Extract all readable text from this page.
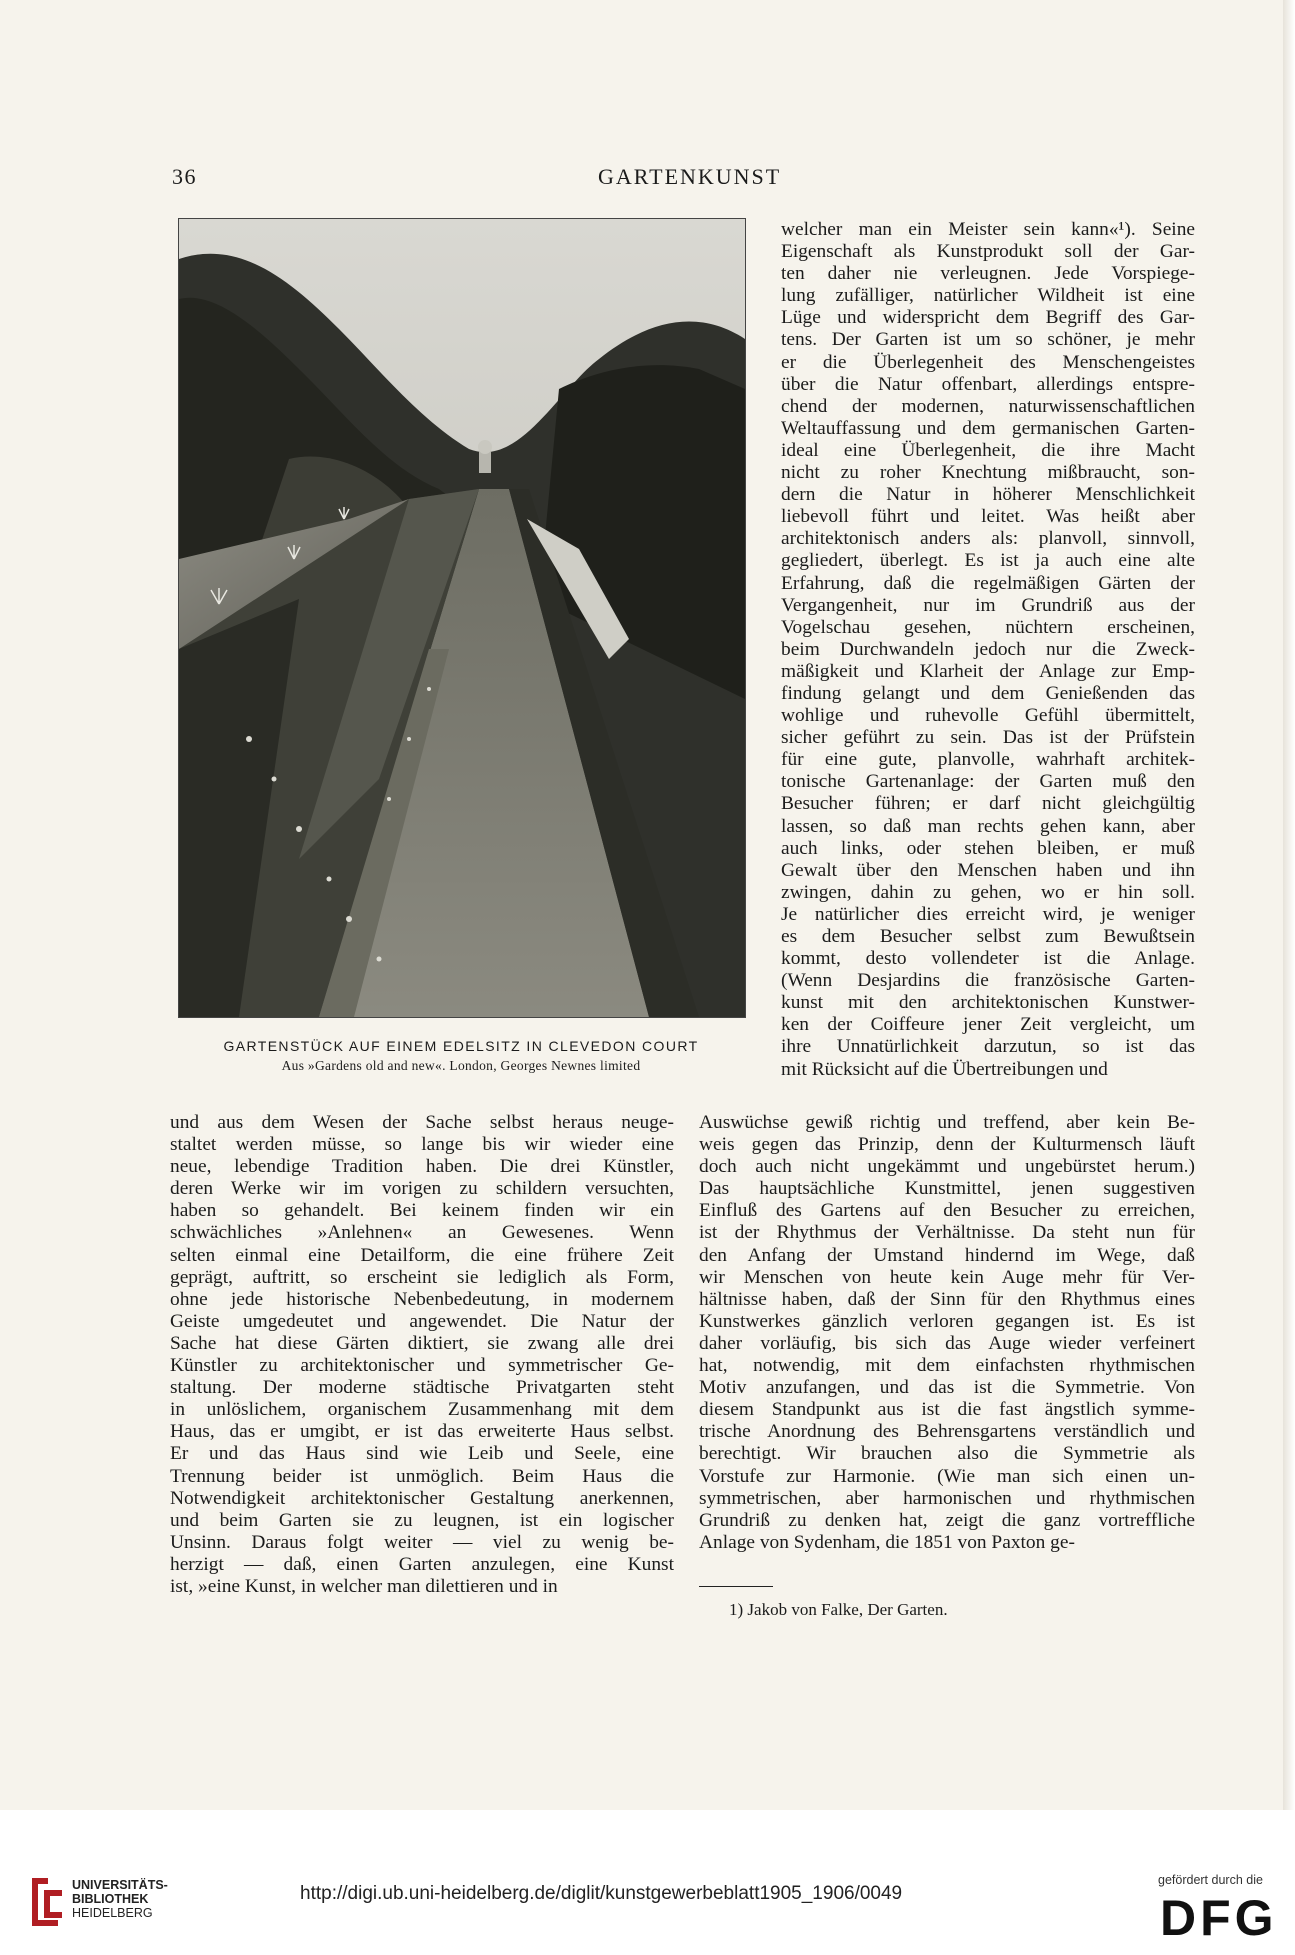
36	GARTENKUNST
GARTENSTÜCK AUF EINEM EDELSITZ IN CLEVEDON COURT
Aus »Gardens old and new«. London, Georges Newnes limited

welcher man ein Meister sein kann«¹). Seine

Eigenschaft als Kunstprodukt soll der Gar-

ten daher nie verleugnen. Jede Vorspiege-

lung zufälliger, natürlicher Wildheit ist eine

Lüge und widerspricht dem Begriff des Gar-

tens. Der Garten ist um so schöner, je mehr

er die Überlegenheit des Menschengeistes

über die Natur offenbart, allerdings entspre-

chend der modernen, naturwissenschaftlichen

Weltauffassung und dem germanischen Garten-

ideal eine Überlegenheit, die ihre Macht

nicht zu roher Knechtung mißbraucht, son-

dern die Natur in höherer Menschlichkeit

liebevoll führt und leitet. Was heißt aber

architektonisch anders als: planvoll, sinnvoll,

gegliedert, überlegt. Es ist ja auch eine alte

Erfahrung, daß die regelmäßigen Gärten der

Vergangenheit, nur im Grundriß aus der

Vogelschau gesehen, nüchtern erscheinen,

beim Durchwandeln jedoch nur die Zweck-

mäßigkeit und Klarheit der Anlage zur Emp-

findung gelangt und dem Genießenden das

wohlige und ruhevolle Gefühl übermittelt,

sicher geführt zu sein. Das ist der Prüfstein

für eine gute, planvolle, wahrhaft architek-

tonische Gartenanlage: der Garten muß den

Besucher führen; er darf nicht gleichgültig

lassen, so daß man rechts gehen kann, aber

auch links, oder stehen bleiben, er muß

Gewalt über den Menschen haben und ihn

zwingen, dahin zu gehen, wo er hin soll.

Je natürlicher dies erreicht wird, je weniger

es dem Besucher selbst zum Bewußtsein

kommt, desto vollendeter ist die Anlage.

(Wenn Desjardins die französische Garten-

kunst mit den architektonischen Kunstwer-

ken der Coiffeure jener Zeit vergleicht, um

ihre Unnatürlichkeit darzutun, so ist das

mit Rücksicht auf die Übertreibungen und

und aus dem Wesen der Sache selbst heraus neuge-

staltet werden müsse, so lange bis wir wieder eine

neue, lebendige Tradition haben. Die drei Künstler,

deren Werke wir im vorigen zu schildern versuchten,

haben so gehandelt. Bei keinem finden wir ein

schwächliches »Anlehnen« an Gewesenes. Wenn

selten einmal eine Detailform, die eine frühere Zeit

geprägt, auftritt, so erscheint sie lediglich als Form,

ohne jede historische Nebenbedeutung, in modernem

Geiste umgedeutet und angewendet. Die Natur der

Sache hat diese Gärten diktiert, sie zwang alle drei

Künstler zu architektonischer und symmetrischer Ge-

staltung. Der moderne städtische Privatgarten steht

in unlöslichem, organischem Zusammenhang mit dem

Haus, das er umgibt, er ist das erweiterte Haus selbst.

Er und das Haus sind wie Leib und Seele, eine

Trennung beider ist unmöglich. Beim Haus die

Notwendigkeit architektonischer Gestaltung anerkennen,

und beim Garten sie zu leugnen, ist ein logischer

Unsinn. Daraus folgt weiter — viel zu wenig be-

herzigt — daß, einen Garten anzulegen, eine Kunst

ist, »eine Kunst, in welcher man dilettieren und in

Auswüchse gewiß richtig und treffend, aber kein Be-

weis gegen das Prinzip, denn der Kulturmensch läuft

doch auch nicht ungekämmt und ungebürstet herum.)

Das hauptsächliche Kunstmittel, jenen suggestiven

Einfluß des Gartens auf den Besucher zu erreichen,

ist der Rhythmus der Verhältnisse. Da steht nun für

den Anfang der Umstand hindernd im Wege, daß

wir Menschen von heute kein Auge mehr für Ver-

hältnisse haben, daß der Sinn für den Rhythmus eines

Kunstwerkes gänzlich verloren gegangen ist. Es ist

daher vorläufig, bis sich das Auge wieder verfeinert

hat, notwendig, mit dem einfachsten rhythmischen

Motiv anzufangen, und das ist die Symmetrie. Von

diesem Standpunkt aus ist die fast ängstlich symme-

trische Anordnung des Behrensgartens verständlich und

berechtigt. Wir brauchen also die Symmetrie als

Vorstufe zur Harmonie. (Wie man sich einen un-

symmetrischen, aber harmonischen und rhythmischen

Grundriß zu denken hat, zeigt die ganz vortreffliche

Anlage von Sydenham, die 1851 von Paxton ge-

1) Jakob von Falke, Der Garten.
UNIVERSITÄTS-
BIBLIOTHEK
HEIDELBERG
http://digi.ub.uni-heidelberg.de/diglit/kunstgewerbeblatt1905_1906/0049
gefördert durch die
DFG
